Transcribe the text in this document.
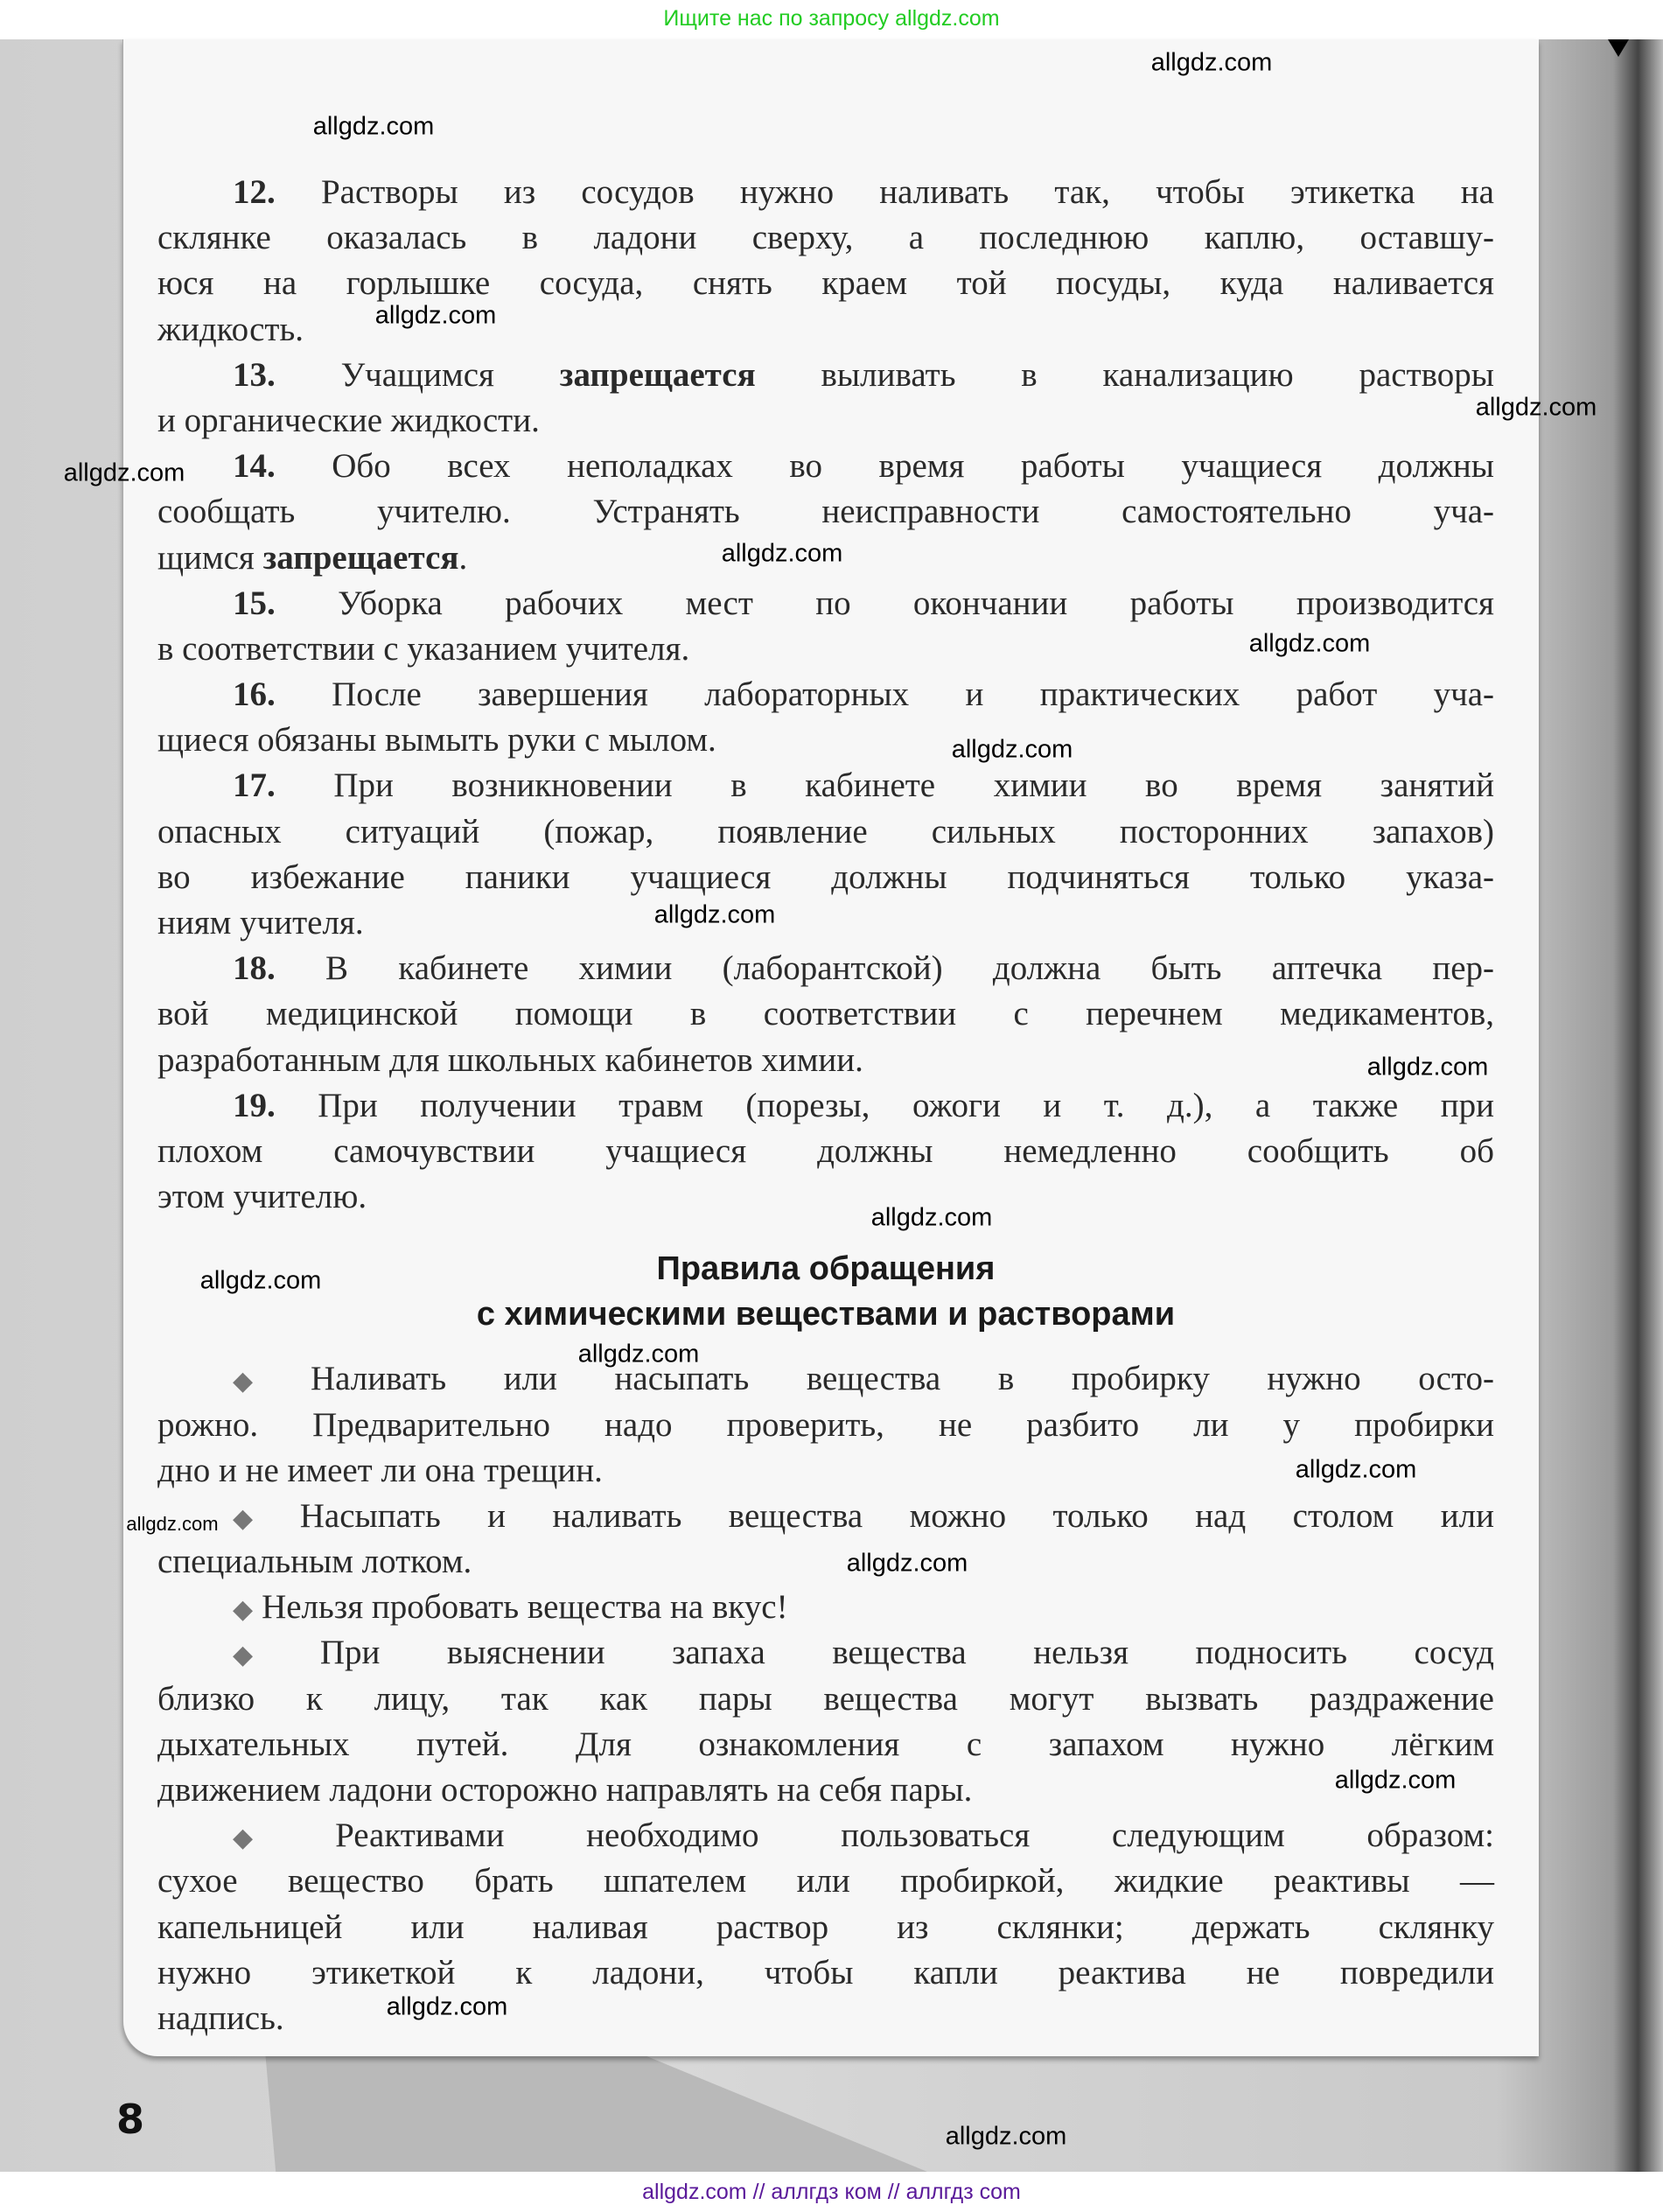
Ищите нас по запросу allgdz.com
12. Растворы из сосудов нужно наливать так, чтобы этикетка на
склянке оказалась в ладони сверху, а последнюю каплю, оставшу-
юся на горлышке сосуда, снять краем той посуды, куда наливается
жидкость.
13. Учащимся запрещается выливать в канализацию растворы
и органические жидкости.
14. Обо всех неполадках во время работы учащиеся должны
сообщать учителю. Устранять неисправности самостоятельно уча-
щимся запрещается.
15. Уборка рабочих мест по окончании работы производится
в соответствии с указанием учителя.
16. После завершения лабораторных и практических работ уча-
щиеся обязаны вымыть руки с мылом.
17. При возникновении в кабинете химии во время занятий
опасных ситуаций (пожар, появление сильных посторонних запахов)
во избежание паники учащиеся должны подчиняться только указа-
ниям учителя.
18. В кабинете химии (лаборантской) должна быть аптечка пер-
вой медицинской помощи в соответствии с перечнем медикаментов,
разработанным для школьных кабинетов химии.
19. При получении травм (порезы, ожоги и т. д.), а также при
плохом самочувствии учащиеся должны немедленно сообщить об
этом учителю.
Правила обращения
с химическими веществами и растворами
◆ Наливать или насыпать вещества в пробирку нужно осто-
рожно. Предварительно надо проверить, не разбито ли у пробирки
дно и не имеет ли она трещин.
◆ Насыпать и наливать вещества можно только над столом или
специальным лотком.
◆ Нельзя пробовать вещества на вкус!
◆ При выяснении запаха вещества нельзя подносить сосуд
близко к лицу, так как пары вещества могут вызвать раздражение
дыхательных путей. Для ознакомления с запахом нужно лёгким
движением ладони осторожно направлять на себя пары.
◆ Реактивами необходимо пользоваться следующим образом:
сухое вещество брать шпателем или пробиркой, жидкие реактивы —
капельницей или наливая раствор из склянки; держать склянку
нужно этикеткой к ладони, чтобы капли реактива не повредили
надпись.
8
allgdz.com // аллгдз ком // аллгдз com
allgdz.com
allgdz.com
allgdz.com
allgdz.com
allgdz.com
allgdz.com
allgdz.com
allgdz.com
allgdz.com
allgdz.com
allgdz.com
allgdz.com
allgdz.com
allgdz.com
allgdz.com
allgdz.com
allgdz.com
allgdz.com
allgdz.com
